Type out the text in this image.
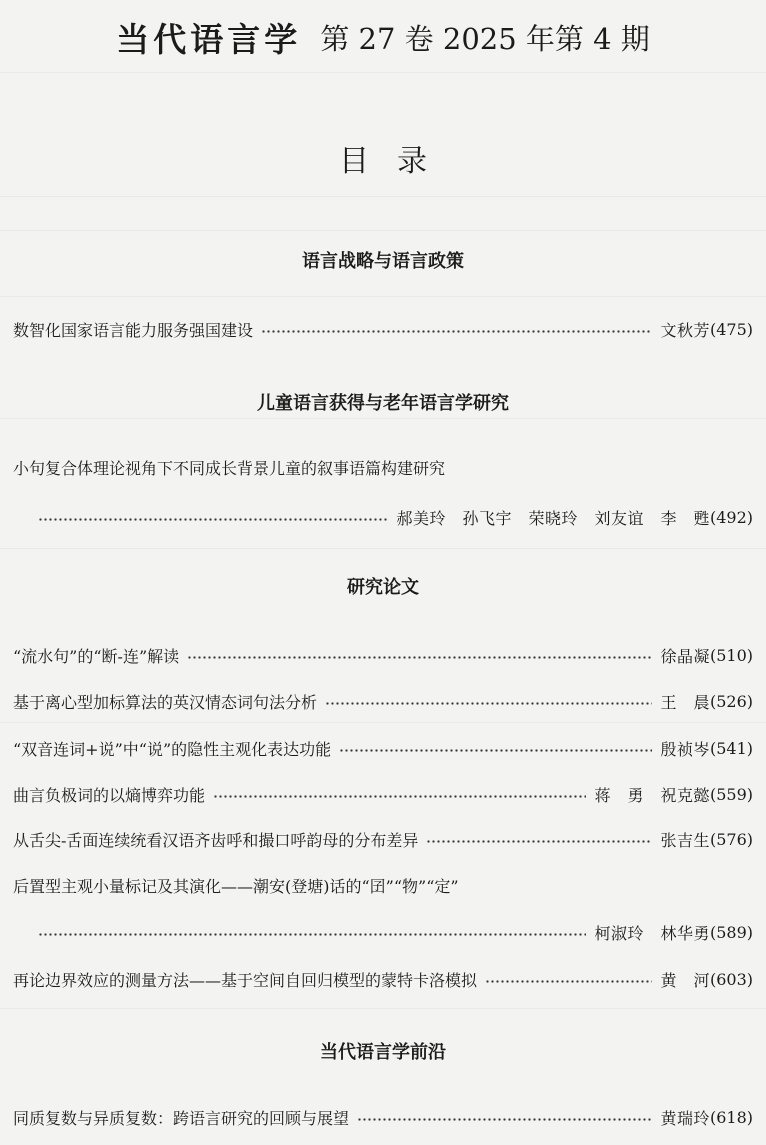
当代语言学 第 27 卷 2025 年第 4 期
目录
语言战略与语言政策
数智化国家语言能力服务强国建设	文秋芳 (475)
儿童语言获得与老年语言学研究
小句复合体理论视角下不同成长背景儿童的叙事语篇构建研究
郝美玲　孙飞宇　荣晓玲　刘友谊　李　甦 (492)
研究论文
“流水句”的“断-连”解读	徐晶凝 (510)
基于离心型加标算法的英汉情态词句法分析	王　晨 (526)
“双音连词+说”中“说”的隐性主观化表达功能	殷祯岑 (541)
曲言负极词的以熵博弈功能	蒋　勇　祝克懿 (559)
从舌尖-舌面连续统看汉语齐齿呼和撮口呼韵母的分布差异	张吉生 (576)
后置型主观小量标记及其演化——潮安(登塘)话的“囝”“物”“定”
柯淑玲　林华勇 (589)
再论边界效应的测量方法——基于空间自回归模型的蒙特卡洛模拟	黄　河 (603)
当代语言学前沿
同质复数与异质复数：跨语言研究的回顾与展望	黄瑞玲 (618)
